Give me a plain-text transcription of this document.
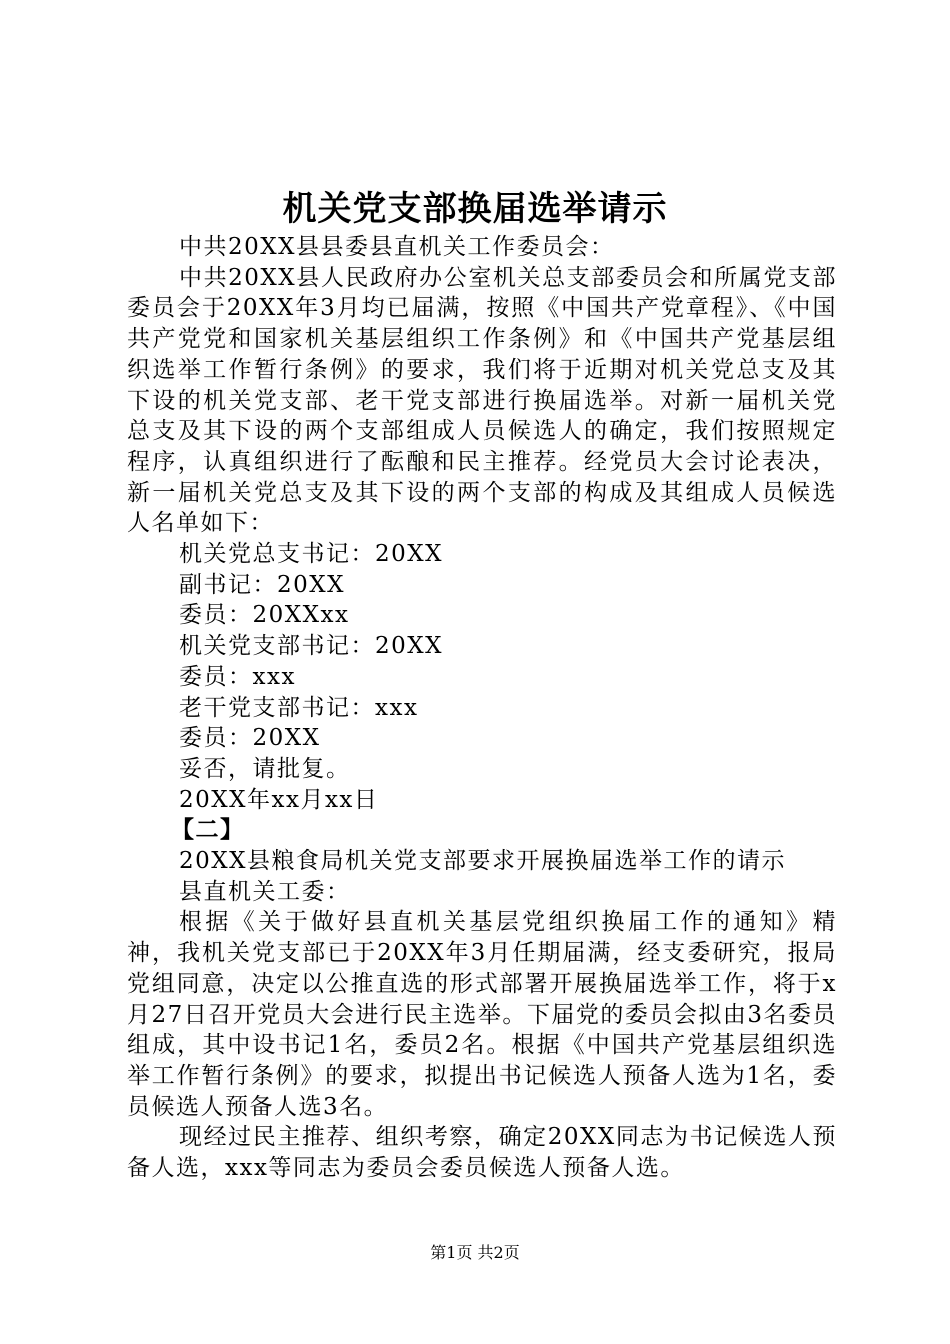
机关党支部换届选举请示

中共20XX县县委县直机关工作委员会：

中共20XX县人民政府办公室机关总支部委员会和所属党支部委员会于20XX年3月均已届满，按照《中国共产党章程》、《中国共产党党和国家机关基层组织工作条例》和《中国共产党基层组织选举工作暂行条例》的要求，我们将于近期对机关党总支及其下设的机关党支部、老干党支部进行换届选举。对新一届机关党总支及其下设的两个支部组成人员候选人的确定，我们按照规定程序，认真组织进行了酝酿和民主推荐。经党员大会讨论表决，新一届机关党总支及其下设的两个支部的构成及其组成人员候选人名单如下：

机关党总支书记：20XX

副书记：20XX

委员：20XXxx

机关党支部书记：20XX

委员：xxx

老干党支部书记：xxx

委员：20XX

妥否，请批复。

20XX年xx月xx日

【二】

20XX县粮食局机关党支部要求开展换届选举工作的请示

县直机关工委：

根据《关于做好县直机关基层党组织换届工作的通知》精神，我机关党支部已于20XX年3月任期届满，经支委研究，报局党组同意，决定以公推直选的形式部署开展换届选举工作，将于x月27日召开党员大会进行民主选举。下届党的委员会拟由3名委员组成，其中设书记1名，委员2名。根据《中国共产党基层组织选举工作暂行条例》的要求，拟提出书记候选人预备人选为1名，委员候选人预备人选3名。

现经过民主推荐、组织考察，确定20XX同志为书记候选人预备人选，xxx等同志为委员会委员候选人预备人选。

第1页 共2页
